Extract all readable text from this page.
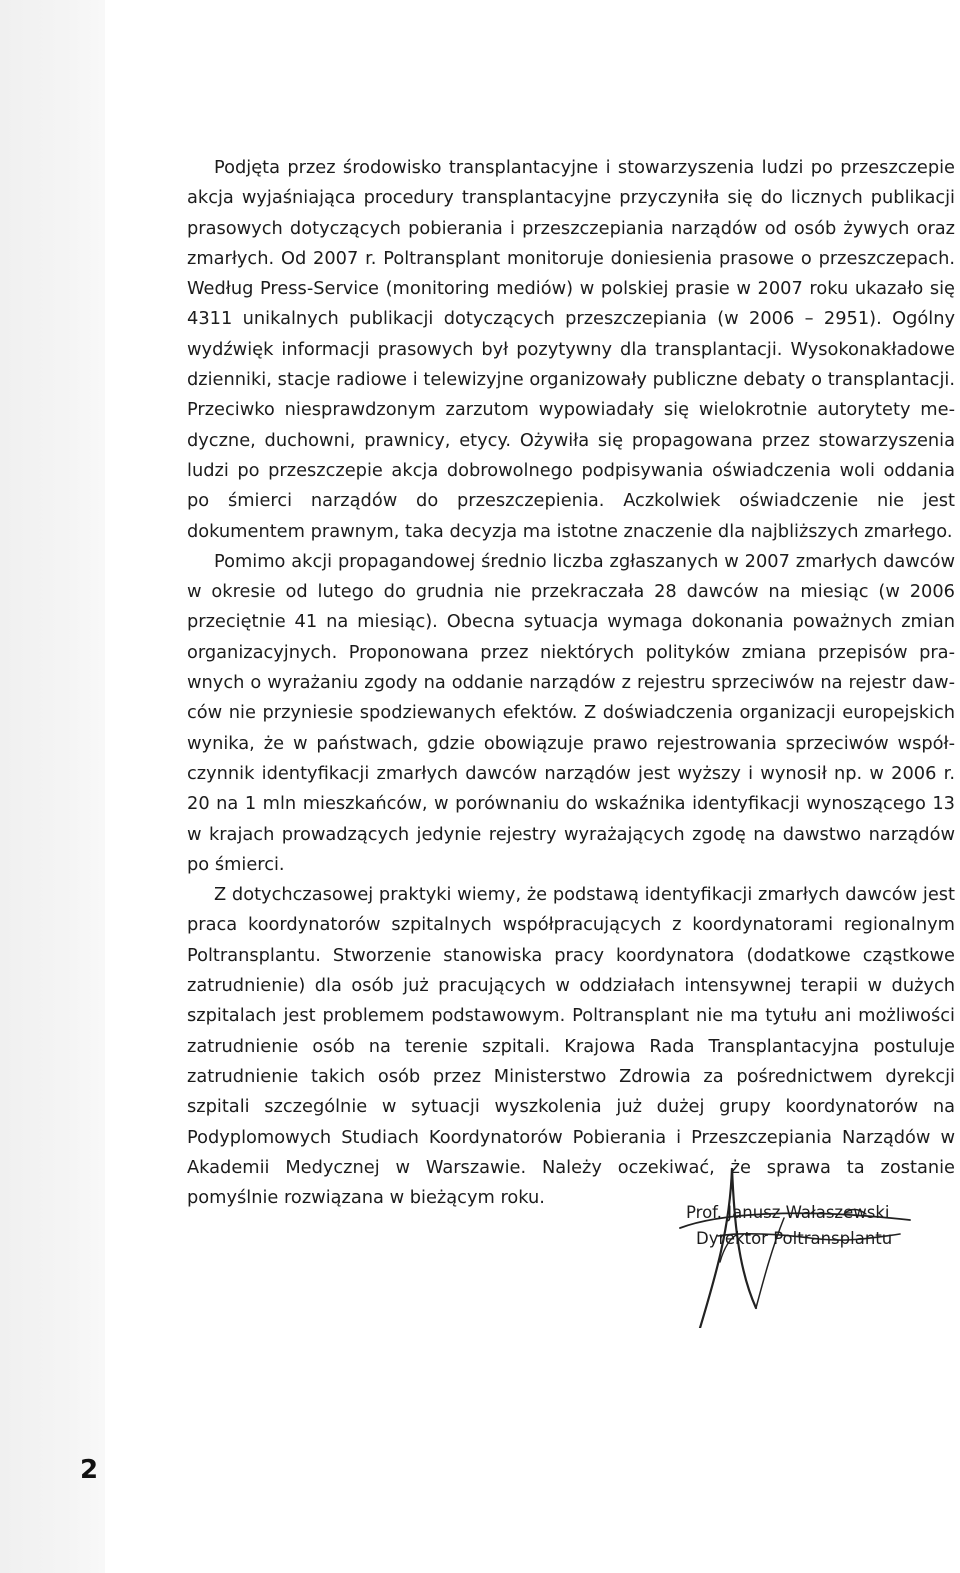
Podjęta przez środowisko transplantacyjne i stowarzyszenia ludzi po przeszczepie akcja wyjaśniająca procedury transplantacyjne przyczyniła się do licznych publikacji prasowych dotyczących pobierania i przeszczepiania narządów od osób żywych oraz zmarłych. Od 2007 r. Poltransplant monitoruje doniesienia prasowe o przeszczepach. Według Press-Service (monitoring mediów) w polskiej prasie w 2007 roku ukazało się 4311 unikalnych publikacji dotyczących przeszczepiania (w 2006 – 2951). Ogólny wydźwięk informacji prasowych był pozytywny dla transplantacji. Wysokonakładowe dzienniki, stacje radiowe i telewizyjne organizowały publiczne debaty o transplantacji. Przeciwko niesprawdzonym zarzutom wypowiadały się wielokrotnie autorytety medyczne, duchowni, prawnicy, etycy. Ożywiła się propagowana przez stowarzyszenia ludzi po przeszczepie akcja dobrowolnego podpisywania oświadczenia woli oddania po śmierci narządów do przeszczepienia. Aczkolwiek oświadczenie nie jest dokumentem prawnym, taka decyzja ma istotne znaczenie dla najbliższych zmarłego.

Pomimo akcji propagandowej średnio liczba zgłaszanych w 2007 zmarłych dawców w okresie od lutego do grudnia nie przekraczała 28 dawców na miesiąc (w 2006 przeciętnie 41 na miesiąc). Obecna sytuacja wymaga dokonania poważnych zmian organizacyjnych. Proponowana przez niektórych polityków zmiana przepisów prawnych o wyrażaniu zgody na oddanie narządów z rejestru sprzeciwów na rejestr dawców nie przyniesie spodziewanych efektów. Z doświadczenia organizacji europejskich wynika, że w państwach, gdzie obowiązuje prawo rejestrowania sprzeciwów współczynnik identyfikacji zmarłych dawców narządów jest wyższy i wynosił np. w 2006 r. 20 na 1 mln mieszkańców, w porównaniu do wskaźnika identyfikacji wynoszącego 13 w krajach prowadzących jedynie rejestry wyrażających zgodę na dawstwo narządów po śmierci.

Z dotychczasowej praktyki wiemy, że podstawą identyfikacji zmarłych dawców jest praca koordynatorów szpitalnych współpracujących z koordynatorami regionalnym Poltransplantu. Stworzenie stanowiska pracy koordynatora (dodatkowe cząstkowe zatrudnienie) dla osób już pracujących w oddziałach intensywnej terapii w dużych szpitalach jest problemem podstawowym. Poltransplant nie ma tytułu ani możliwości zatrudnienie osób na terenie szpitali. Krajowa Rada Transplantacyjna postuluje zatrudnienie takich osób przez Ministerstwo Zdrowia za pośrednictwem dyrekcji szpitali szczególnie w sytuacji wyszkolenia już dużej grupy koordynatorów na Podyplomowych Studiach Koordynatorów Pobierania i Przeszczepiania Narządów w Akademii Medycznej w Warszawie. Należy oczekiwać, że sprawa ta zostanie pomyślnie rozwiązana w bieżącym roku.

Prof. Janusz Wałaszewski
Dyrektor Poltransplantu
2
